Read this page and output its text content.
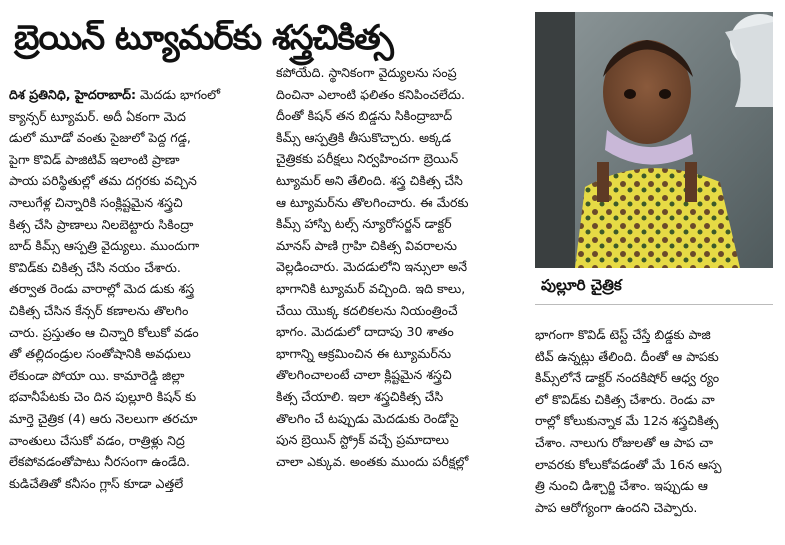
బ్రెయిన్ ట్యూమర్‌కు శస్త్రచికిత్స
దిశ ప్రతినిధి, హైదరాబాద్: మెదడు భాగంలో
క్యాన్సర్ ట్యూమర్. అదీ ఏకంగా మెద
డులో మూడో వంతు సైజులో పెద్ద గడ్డ,
పైగా కొవిడ్ పాజిటివ్ ఇలాంటి ప్రాణా
పాయ పరిస్థితుల్లో తమ దగ్గరకు వచ్చిన
నాలుగేళ్ల చిన్నారికి సంక్లిష్టమైన శస్త్రచి
కిత్స చేసి ప్రాణాలు నిలబెట్టారు సికింద్రా
బాద్ కిమ్స్ ఆస్పత్రి వైద్యులు. ముందుగా
కొవిడ్‌కు చికిత్స చేసి నయం చేశారు.
తర్వాత రెండు వారాల్లో మెద డుకు శస్త్ర
చికిత్స చేసిన కేన్సర్ కణాలను తొలగిం
చారు. ప్రస్తుతం ఆ చిన్నారి కోలుకో వడం
తో తల్లిదండ్రుల సంతోషానికి అవధులు
లేకుండా పోయా యి. కామారెడ్డి జిల్లా
భవానీపేటకు చెం దిన పుల్లూరి కిషన్ కు
మార్తె చైత్రిక (4) ఆరు నెలలుగా తరచూ
వాంతులు చేసుకో వడం, రాత్రిళ్లు నిద్ర
లేకపోవడంతోపాటు నీరసంగా ఉండేది.
కుడిచేతితో కనీసం గ్లాస్ కూడా ఎత్తలే
కపోయేది. స్థానికంగా వైద్యులను సంప్ర
దించినా ఎలాంటి ఫలితం కనిపించలేదు.
దీంతో కిషన్ తన బిడ్డను సికింద్రాబాద్
కిమ్స్ ఆస్పత్రికి తీసుకొచ్చారు. అక్కడ
చైత్రికకు పరీక్షలు నిర్వహించగా బ్రెయిన్
ట్యూమర్ అని తేలింది. శస్త్ర చికిత్స చేసి
ఆ ట్యూమర్‌ను తొలగించారు. ఈ మేరకు
కిమ్స్ హాస్పి టల్స్ న్యూరోసర్జన్ డాక్టర్
మానస్ పాణి గ్రాహి చికిత్స వివరాలను
వెల్లడించారు. మెదడులోని ఇన్సులా అనే
భాగానికి ట్యూమర్ వచ్చింది. ఇది కాలు,
చేయి యొక్క కదలికలను నియంత్రించే
భాగం. మెదడులో దాదాపు 30 శాతం
భాగాన్ని ఆక్రమించిన ఈ ట్యూమర్‌ను
తొలగించాలంటే చాలా క్లిష్టమైన శస్త్రచి
కిత్స చేయాలి. ఇలా శస్త్రచికిత్స చేసి
తొలగిం చే టప్పుడు మెదడుకు రెండోసై
పున బ్రెయిన్ స్ట్రోక్ వచ్చే ప్రమాదాలు
చాలా ఎక్కువ. అంతకు ముందు పరీక్షల్లో
పుల్లూరి చైత్రిక
భాగంగా కొవిడ్ టెస్ట్ చేస్తే బిడ్డకు పాజి
టివ్ ఉన్నట్లు తేలింది. దీంతో ఆ పాపకు
కిమ్స్‌లోనే డాక్టర్ నందకిషోర్ ఆధ్వ ర్యం
లో కొవిడ్‌కు చికిత్స చేశారు. రెండు వా
రాల్లో కోలుకున్నాక మే 12న శస్త్రచికిత్స
చేశాం. నాలుగు రోజులతో ఆ పాప చా
లావరకు కోలుకోవడంతో మే 16న ఆస్ప
త్రి నుంచి డిశ్చార్జి చేశాం. ఇప్పుడు ఆ
పాప ఆరోగ్యంగా ఉందని చెప్పారు.
